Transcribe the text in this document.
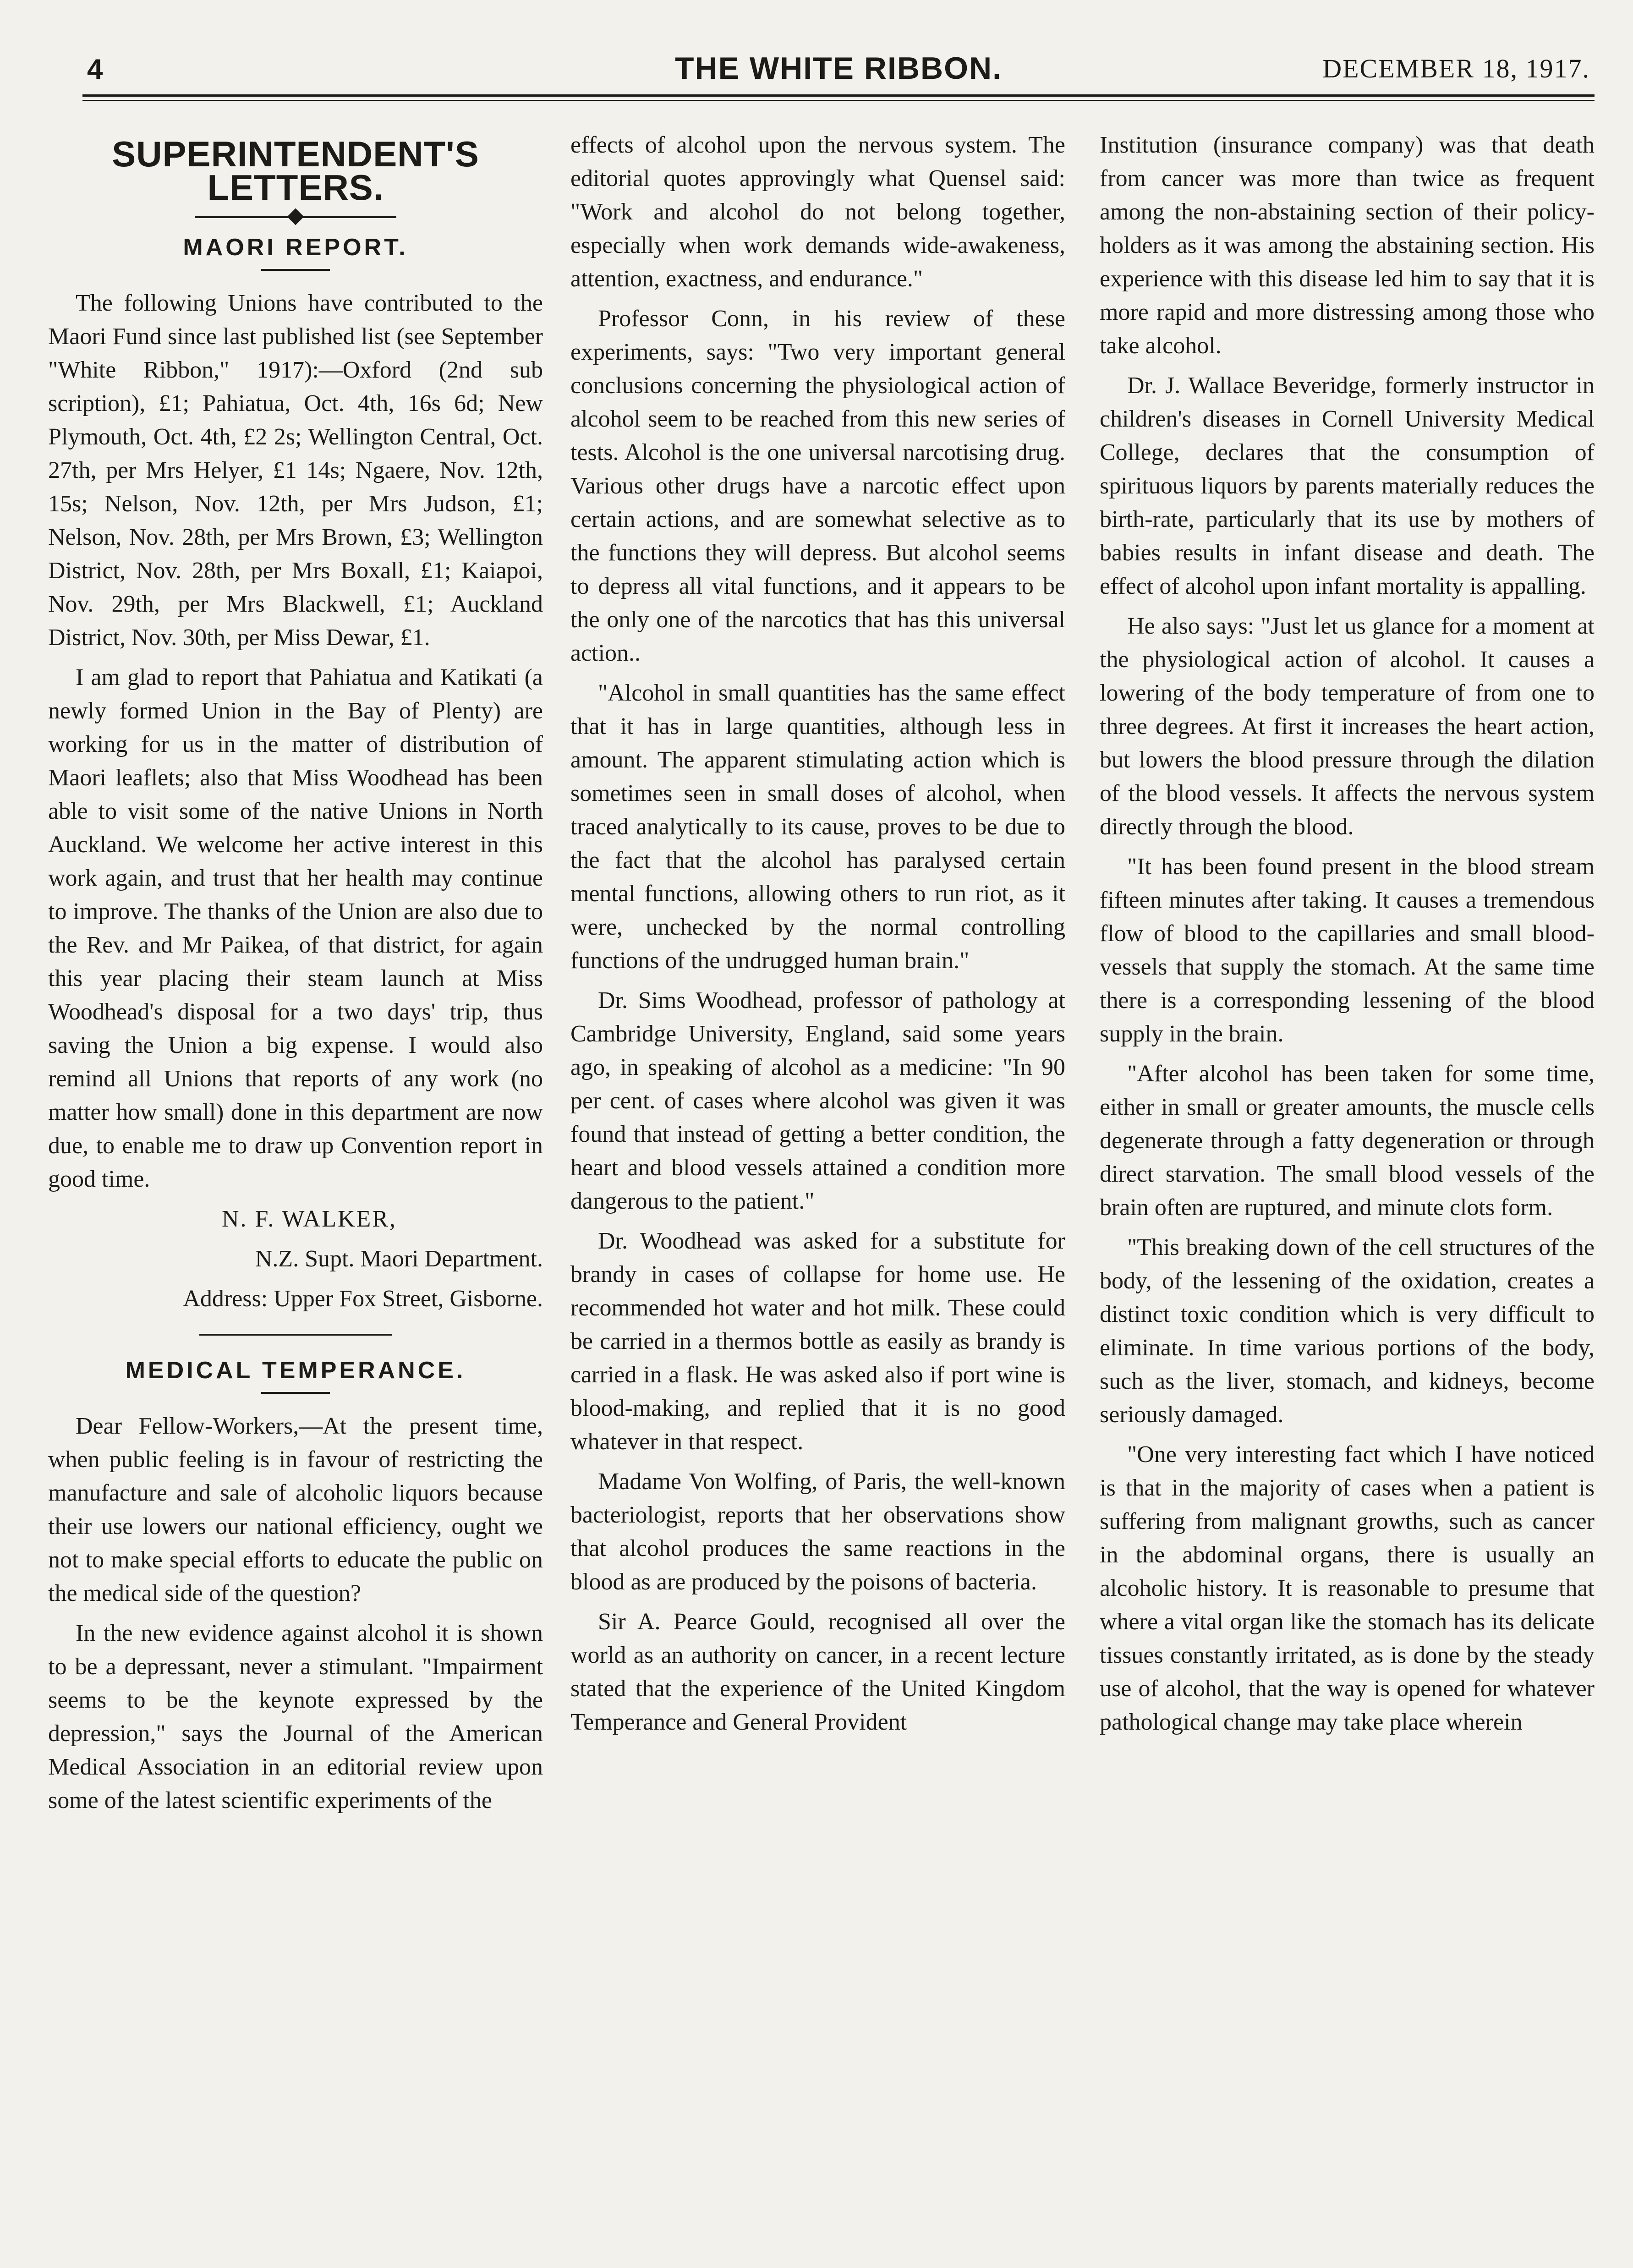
4	THE WHITE RIBBON.	DECEMBER 18, 1917.
SUPERINTENDENT'S LETTERS.
MAORI REPORT.

The following Unions have contributed to the Maori Fund since last published list (see September "White Ribbon," 1917):—Oxford (2nd sub scription), £1; Pahiatua, Oct. 4th, 16s 6d; New Plymouth, Oct. 4th, £2 2s; Wellington Central, Oct. 27th, per Mrs Helyer, £1 14s; Ngaere, Nov. 12th, 15s; Nelson, Nov. 12th, per Mrs Judson, £1; Nelson, Nov. 28th, per Mrs Brown, £3; Wellington District, Nov. 28th, per Mrs Boxall, £1; Kaiapoi, Nov. 29th, per Mrs Blackwell, £1; Auckland District, Nov. 30th, per Miss Dewar, £1.

I am glad to report that Pahiatua and Katikati (a newly formed Union in the Bay of Plenty) are working for us in the matter of distribution of Maori leaflets; also that Miss Woodhead has been able to visit some of the native Unions in North Auckland. We welcome her active interest in this work again, and trust that her health may continue to improve. The thanks of the Union are also due to the Rev. and Mr Paikea, of that district, for again this year placing their steam launch at Miss Woodhead's disposal for a two days' trip, thus saving the Union a big expense. I would also remind all Unions that reports of any work (no matter how small) done in this department are now due, to enable me to draw up Convention report in good time.

N. F. WALKER,

N.Z. Supt. Maori Department.

Address: Upper Fox Street, Gisborne.

MEDICAL TEMPERANCE.

Dear Fellow-Workers,—At the present time, when public feeling is in favour of restricting the manufacture and sale of alcoholic liquors because their use lowers our national efficiency, ought we not to make special efforts to educate the public on the medical side of the question?

In the new evidence against alcohol it is shown to be a depressant, never a stimulant. "Impairment seems to be the keynote expressed by the depression," says the Journal of the American Medical Association in an editorial review upon some of the latest scientific experiments of the

effects of alcohol upon the nervous system. The editorial quotes approvingly what Quensel said: "Work and alcohol do not belong together, especially when work demands wide-awakeness, attention, exactness, and endurance."

Professor Conn, in his review of these experiments, says: "Two very important general conclusions concerning the physiological action of alcohol seem to be reached from this new series of tests. Alcohol is the one universal narcotising drug. Various other drugs have a narcotic effect upon certain actions, and are somewhat selective as to the functions they will depress. But alcohol seems to depress all vital functions, and it appears to be the only one of the narcotics that has this universal action..

"Alcohol in small quantities has the same effect that it has in large quantities, although less in amount. The apparent stimulating action which is sometimes seen in small doses of alcohol, when traced analytically to its cause, proves to be due to the fact that the alcohol has paralysed certain mental functions, allowing others to run riot, as it were, unchecked by the normal controlling functions of the undrugged human brain."

Dr. Sims Woodhead, professor of pathology at Cambridge University, England, said some years ago, in speaking of alcohol as a medicine: "In 90 per cent. of cases where alcohol was given it was found that instead of getting a better condition, the heart and blood vessels attained a condition more dangerous to the patient."

Dr. Woodhead was asked for a substitute for brandy in cases of collapse for home use. He recommended hot water and hot milk. These could be carried in a thermos bottle as easily as brandy is carried in a flask. He was asked also if port wine is blood-making, and replied that it is no good whatever in that respect.

Madame Von Wolfing, of Paris, the well-known bacteriologist, reports that her observations show that alcohol produces the same reactions in the blood as are produced by the poisons of bacteria.

Sir A. Pearce Gould, recognised all over the world as an authority on cancer, in a recent lecture stated that the experience of the United Kingdom Temperance and General Provident

Institution (insurance company) was that death from cancer was more than twice as frequent among the non-abstaining section of their policy-holders as it was among the abstaining section. His experience with this disease led him to say that it is more rapid and more distressing among those who take alcohol.

Dr. J. Wallace Beveridge, formerly instructor in children's diseases in Cornell University Medical College, declares that the consumption of spirituous liquors by parents materially reduces the birth-rate, particularly that its use by mothers of babies results in infant disease and death. The effect of alcohol upon infant mortality is appalling.

He also says: "Just let us glance for a moment at the physiological action of alcohol. It causes a lowering of the body temperature of from one to three degrees. At first it increases the heart action, but lowers the blood pressure through the dilation of the blood vessels. It affects the nervous system directly through the blood.

"It has been found present in the blood stream fifteen minutes after taking. It causes a tremendous flow of blood to the capillaries and small blood-vessels that supply the stomach. At the same time there is a corresponding lessening of the blood supply in the brain.

"After alcohol has been taken for some time, either in small or greater amounts, the muscle cells degenerate through a fatty degeneration or through direct starvation. The small blood vessels of the brain often are ruptured, and minute clots form.

"This breaking down of the cell structures of the body, of the lessening of the oxidation, creates a distinct toxic condition which is very difficult to eliminate. In time various portions of the body, such as the liver, stomach, and kidneys, become seriously damaged.

"One very interesting fact which I have noticed is that in the majority of cases when a patient is suffering from malignant growths, such as cancer in the abdominal organs, there is usually an alcoholic history. It is reasonable to presume that where a vital organ like the stomach has its delicate tissues constantly irritated, as is done by the steady use of alcohol, that the way is opened for whatever pathological change may take place wherein
